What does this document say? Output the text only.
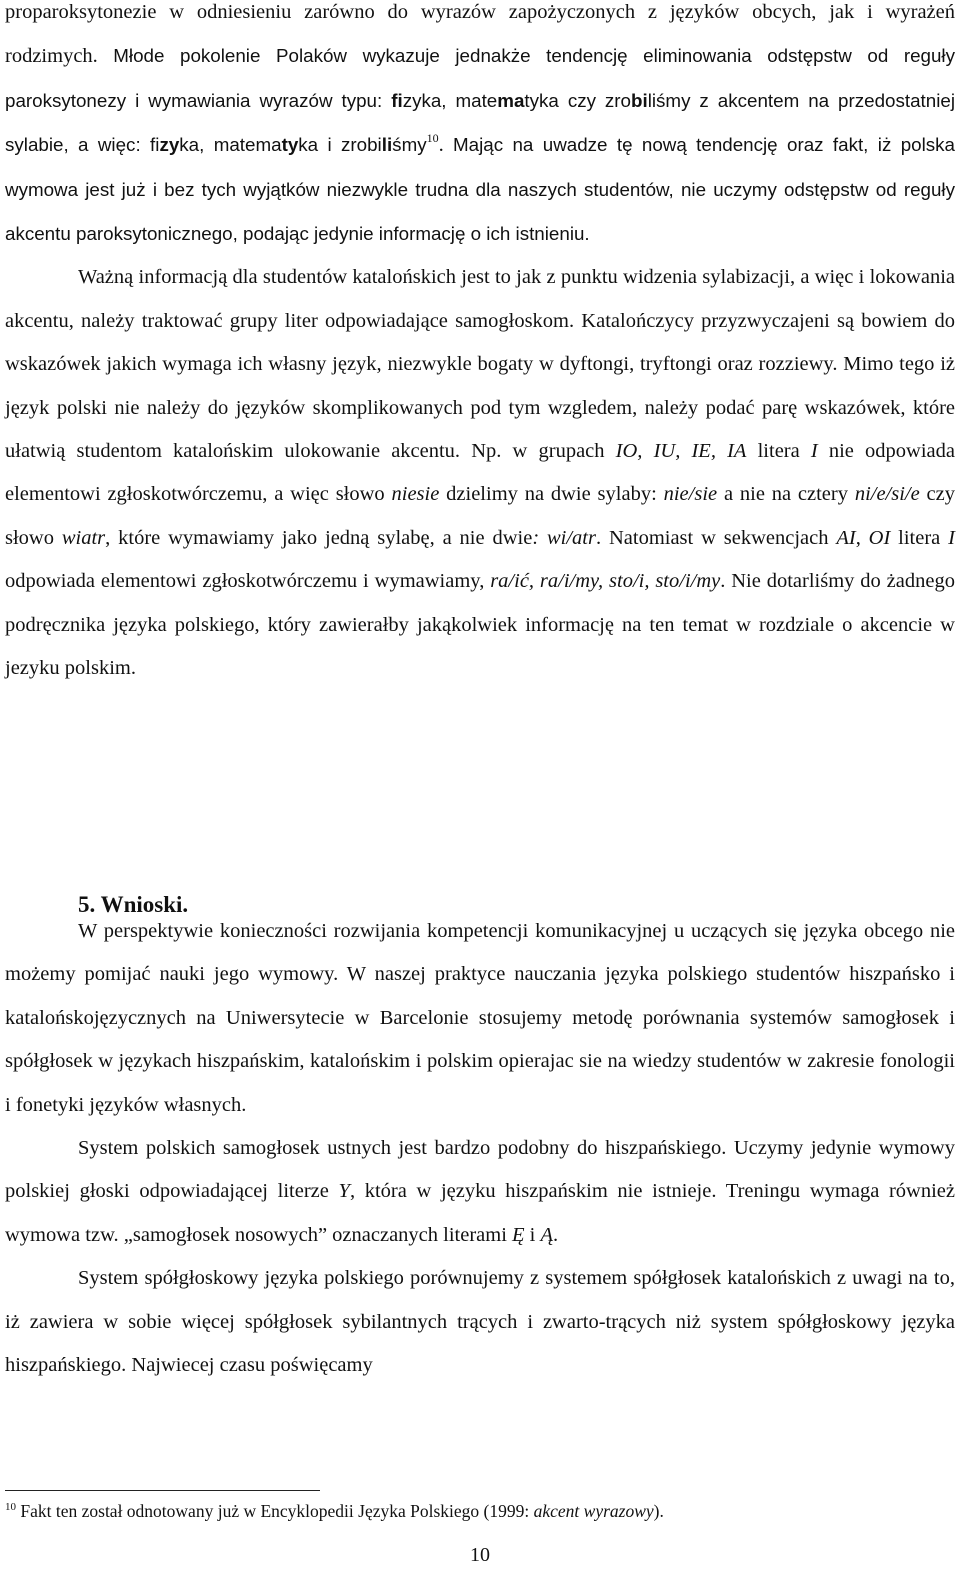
proparoksytonezie w odniesieniu zarówno do wyrazów zapożyczonych z języków obcych, jak i wyrażeń rodzimych. Młode pokolenie Polaków wykazuje jednakże tendencję eliminowania odstępstw od reguły paroksytonezy i wymawiania wyrazów typu: fizyka, matematyka czy zrobiliśmy z akcentem na przedostatniej sylabie, a więc: fizyka, matematyka i zrobiliśmy$^{10}$. Mając na uwadze tę nową tendencję oraz fakt, iż polska wymowa jest już i bez tych wyjątków niezwykle trudna dla naszych studentów, nie uczymy odstępstw od reguły akcentu paroksytonicznego, podając jedynie informację o ich istnieniu.

Ważną informacją dla studentów katalońskich jest to jak z punktu widzenia sylabizacji, a więc i lokowania akcentu, należy traktować grupy liter odpowiadające samogłoskom. Katalończycy przyzwyczajeni są bowiem do wskazówek jakich wymaga ich własny język, niezwykle bogaty w dyftongi, tryftongi oraz rozziewy. Mimo tego iż język polski nie należy do języków skomplikowanych pod tym wzgledem, należy podać parę wskazówek, które ułatwią studentom katalońskim ulokowanie akcentu. Np. w grupach IO, IU, IE, IA litera I nie odpowiada elementowi zgłoskotwórczemu, a więc słowo niesie dzielimy na dwie sylaby: nie/sie a nie na cztery ni/e/si/e czy słowo wiatr, które wymawiamy jako jedną sylabę, a nie dwie: wi/atr. Natomiast w sekwencjach AI, OI litera I odpowiada elementowi zgłoskotwórczemu i wymawiamy, ra/ić, ra/i/my, sto/i, sto/i/my. Nie dotarliśmy do żadnego podręcznika języka polskiego, który zawierałby jakąkolwiek informację na ten temat w rozdziale o akcencie w jezyku polskim.

5. Wnioski.

W perspektywie konieczności rozwijania kompetencji komunikacyjnej u uczących się języka obcego nie możemy pomijać nauki jego wymowy. W naszej praktyce nauczania języka polskiego studentów hiszpańsko i katalońskojęzycznych na Uniwersytecie w Barcelonie stosujemy metodę porównania systemów samogłosek i spółgłosek w językach hiszpańskim, katalońskim i polskim opierajac sie na wiedzy studentów w zakresie fonologii i fonetyki języków własnych.

System polskich samogłosek ustnych jest bardzo podobny do hiszpańskiego. Uczymy jedynie wymowy polskiej głoski odpowiadającej literze Y, która w języku hiszpańskim nie istnieje. Treningu wymaga również wymowa tzw. „samogłosek nosowych” oznaczanych literami Ę i Ą.

System spółgłoskowy języka polskiego porównujemy z systemem spółgłosek katalońskich z uwagi na to, iż zawiera w sobie więcej spółgłosek sybilantnych trących i zwarto-trących niż system spółgłoskowy języka hiszpańskiego. Najwiecej czasu poświęcamy

$^{10}$ Fakt ten został odnotowany już w Encyklopedii Języka Polskiego (1999: akcent wyrazowy).

10
